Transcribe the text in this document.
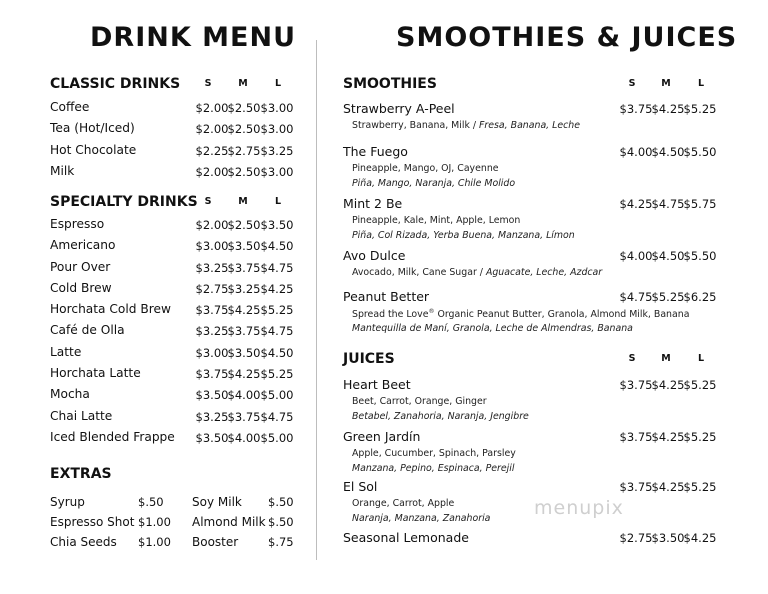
DRINK MENU
CLASSIC DRINKS	S	M	L
Coffee	$2.00 $2.50 $3.00
Tea (Hot/Iced)	$2.00 $2.50 $3.00
Hot Chocolate	$2.25 $2.75 $3.25
Milk	$2.00 $2.50 $3.00
SPECIALTY DRINKS S	M	L
Espresso	$2.00 $2.50 $3.50
Americano	$3.00 $3.50 $4.50
Pour Over	$3.25 $3.75 $4.75
Cold Brew	$2.75 $3.25 $4.25
Horchata Cold Brew $3.75 $4.25 $5.25
Café de Olla	$3.25 $3.75 $4.75
Latte	$3.00 $3.50 $4.50
Horchata Latte	$3.75 $4.25 $5.25
Mocha	$3.50 $4.00 $5.00
Chai Latte	$3.25 $3.75 $4.75
Iced Blended Frappe $3.50 $4.00 $5.00
EXTRAS
Syrup	$.50 Soy Milk $.50
Espresso Shot $1.00 Almond Milk $.50
Chia Seeds $1.00 Booster	$.75
SMOOTHIES & JUICES
SMOOTHIES	S	M	L
Strawberry A-Peel	$3.75 $4.25 $5.25
Strawberry, Banana, Milk / Fresa, Banana, Leche
The Fuego	$4.00 $4.50 $5.50
Pineapple, Mango, OJ, Cayenne
Piña, Mango, Naranja, Chile Molido
Mint 2 Be	$4.25 $4.75 $5.75
Pineapple, Kale, Mint, Apple, Lemon
Piña, Col Rizada, Yerba Buena, Manzana, Límon
Avo Dulce	$4.00 $4.50 $5.50
Avocado, Milk, Cane Sugar / Aguacate, Leche, Azdcar
Peanut Better	$4.75 $5.25 $6.25
Spread the Love® Organic Peanut Butter, Granola, Almond Milk, Banana
Mantequilla de Maní, Granola, Leche de Almendras, Banana
JUICES	S	M	L
Heart Beet	$3.75 $4.25 $5.25
Beet, Carrot, Orange, Ginger
Betabel, Zanahoria, Naranja, Jengibre
Green Jardín	$3.75 $4.25 $5.25
Apple, Cucumber, Spinach, Parsley
Manzana, Pepino, Espinaca, Perejil
El Sol	$3.75 $4.25 $5.25
Orange, Carrot, Apple
Naranja, Manzana, Zanahoria
Seasonal Lemonade	$2.75 $3.50 $4.25
menupix
